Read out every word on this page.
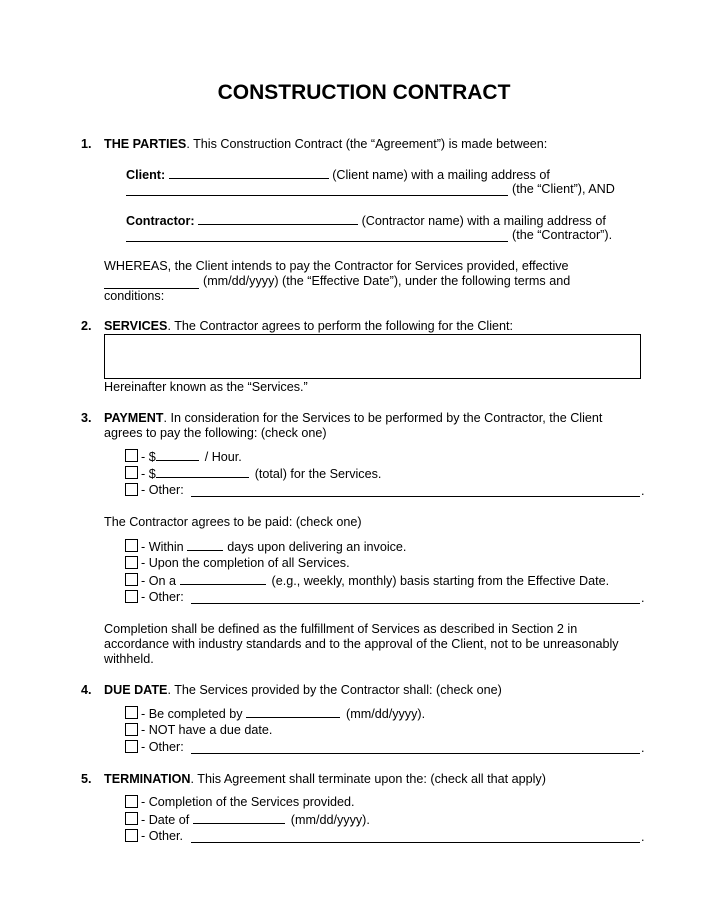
CONSTRUCTION CONTRACT
1. THE PARTIES. This Construction Contract (the “Agreement”) is made between:
Client:	(Client name) with a mailing address of
(the “Client”), AND
Contractor:	(Contractor name) with a mailing address of
(the “Contractor”).
WHEREAS, the Client intends to pay the Contractor for Services provided, effective
(mm/dd/yyyy) (the “Effective Date”), under the following terms and
conditions:
2. SERVICES. The Contractor agrees to perform the following for the Client:
Hereinafter known as the “Services.”
3. PAYMENT. In consideration for the Services to be performed by the Contractor, the Client
agrees to pay the following: (check one)
- $	/ Hour.
- $	(total) for the Services.
- Other:	.
The Contractor agrees to be paid: (check one)
- Within	days upon delivering an invoice.
- Upon the completion of all Services.
- On a	(e.g., weekly, monthly) basis starting from the Effective Date.
- Other:	.
Completion shall be defined as the fulfillment of Services as described in Section 2 in
accordance with industry standards and to the approval of the Client, not to be unreasonably
withheld.
4. DUE DATE. The Services provided by the Contractor shall: (check one)
- Be completed by	(mm/dd/yyyy).
- NOT have a due date.
- Other:	.
5. TERMINATION. This Agreement shall terminate upon the: (check all that apply)
- Completion of the Services provided.
- Date of	(mm/dd/yyyy).
- Other.	.
